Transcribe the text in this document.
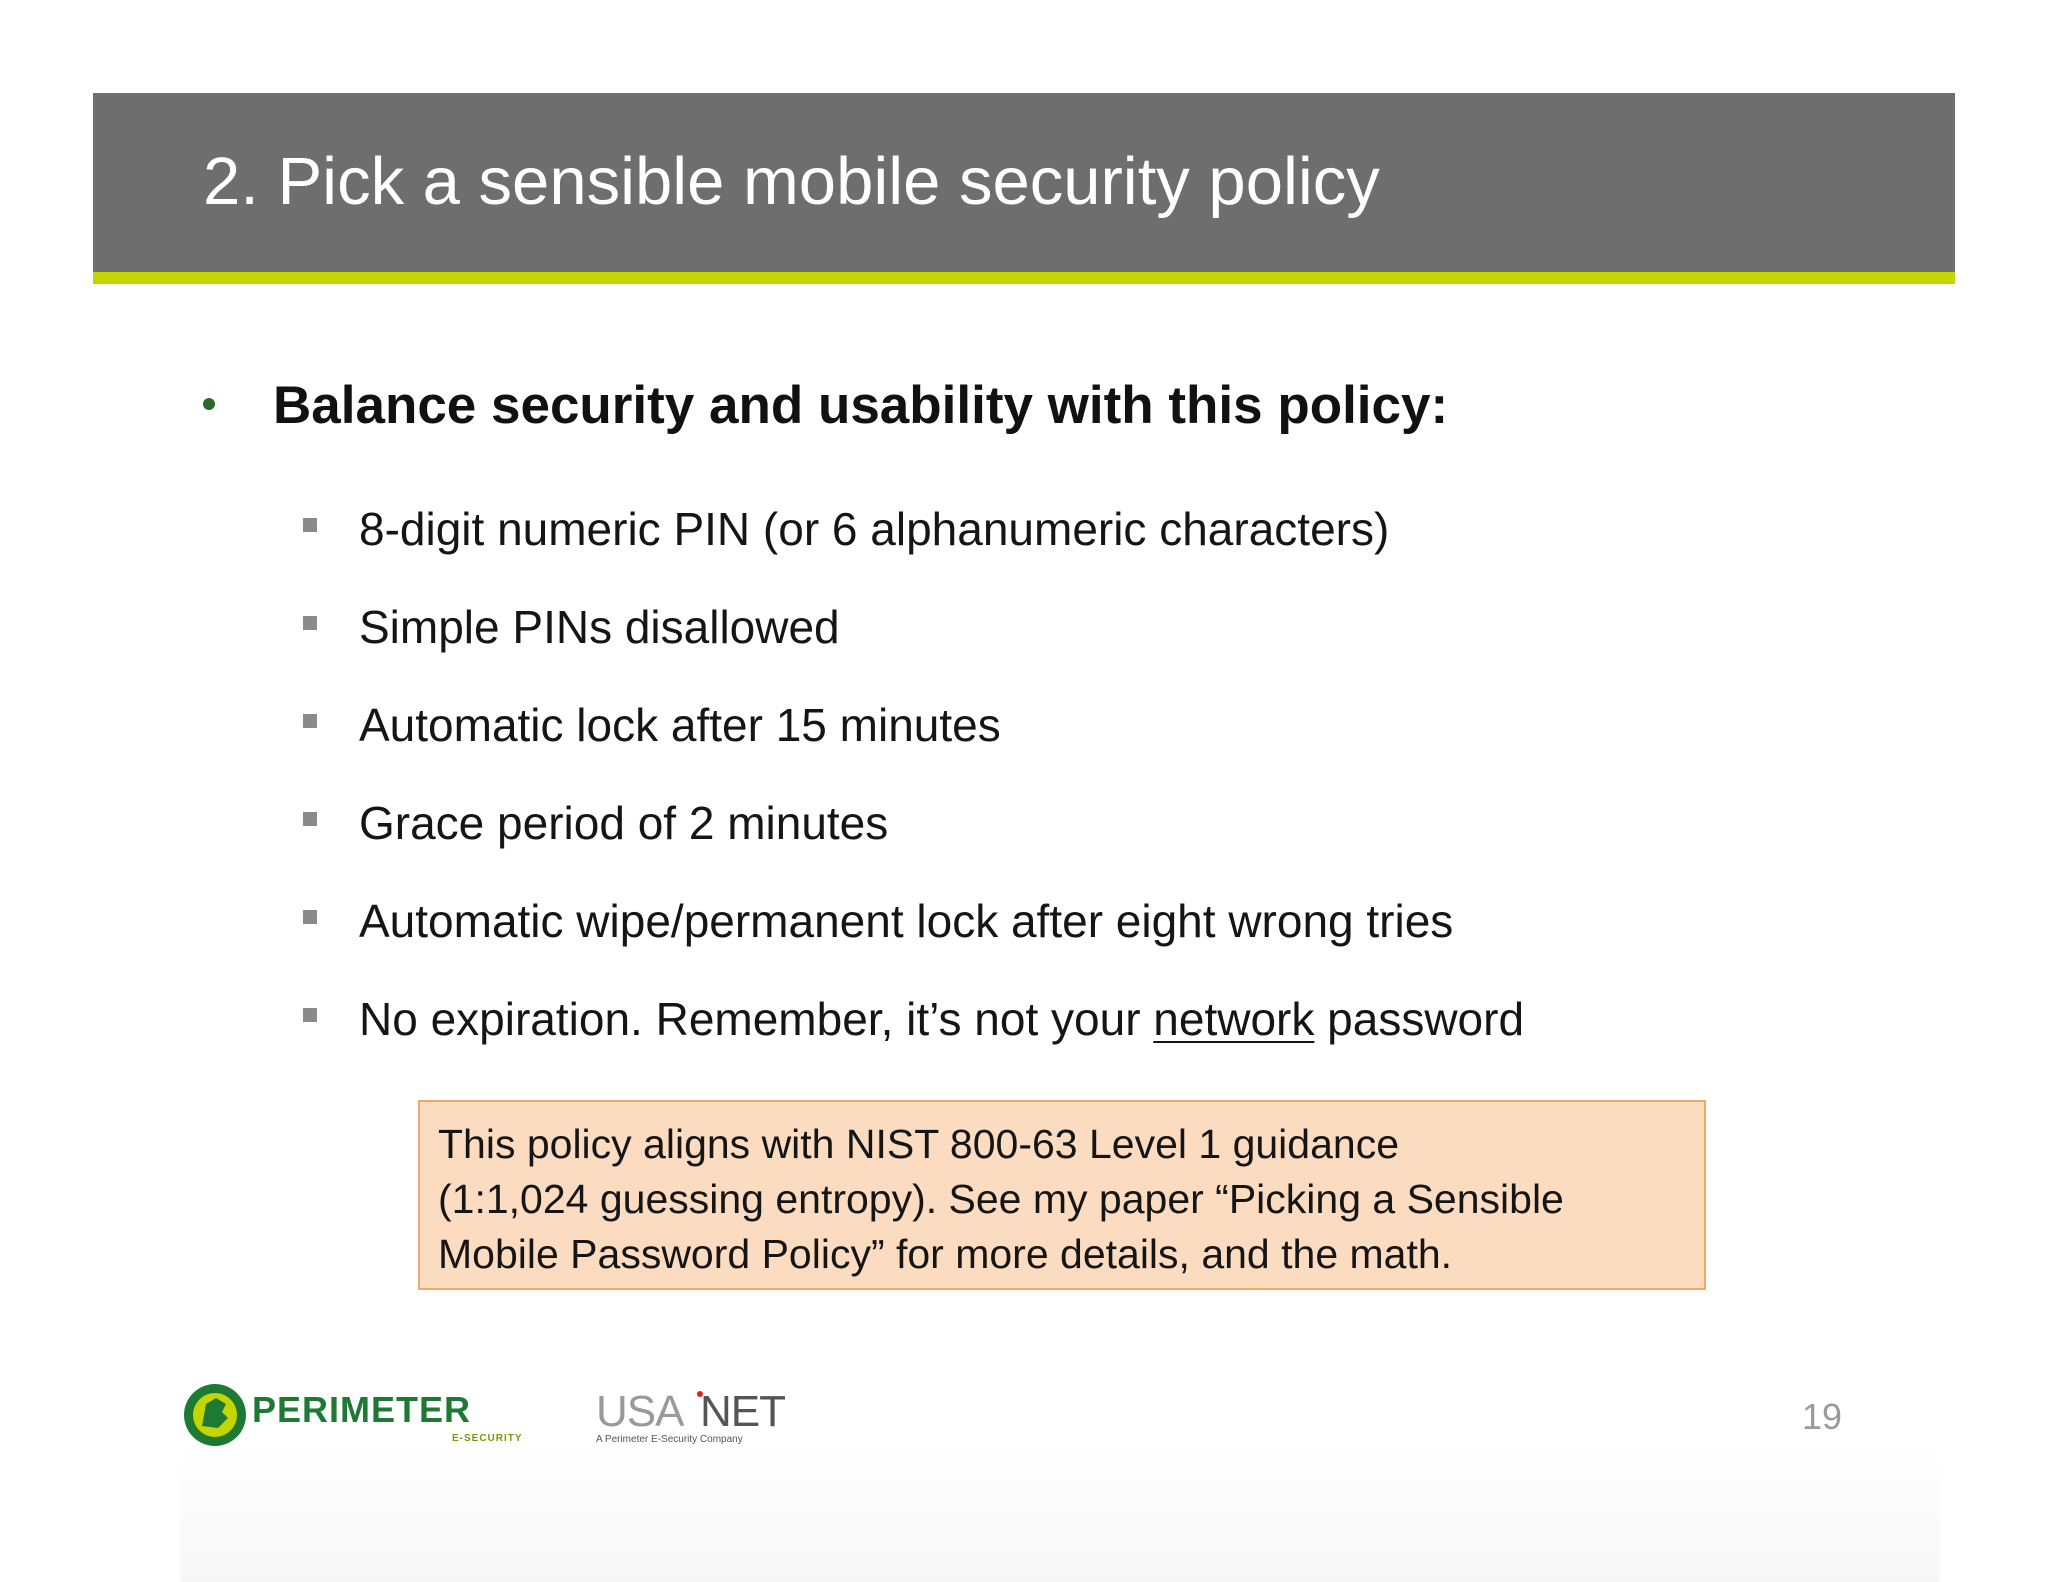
2. Pick a sensible mobile security policy
Balance security and usability with this policy:
8-digit numeric PIN (or 6 alphanumeric characters)
Simple PINs disallowed
Automatic lock after 15 minutes
Grace period of 2 minutes
Automatic wipe/permanent lock after eight wrong tries
No expiration. Remember, it’s not your network password
This policy aligns with NIST 800-63 Level 1 guidance
(1:1,024 guessing entropy). See my paper “Picking a Sensible
Mobile Password Policy” for more details, and the math.
PERIMETER
E-SECURITY
USA NET
A Perimeter E-Security Company
19
